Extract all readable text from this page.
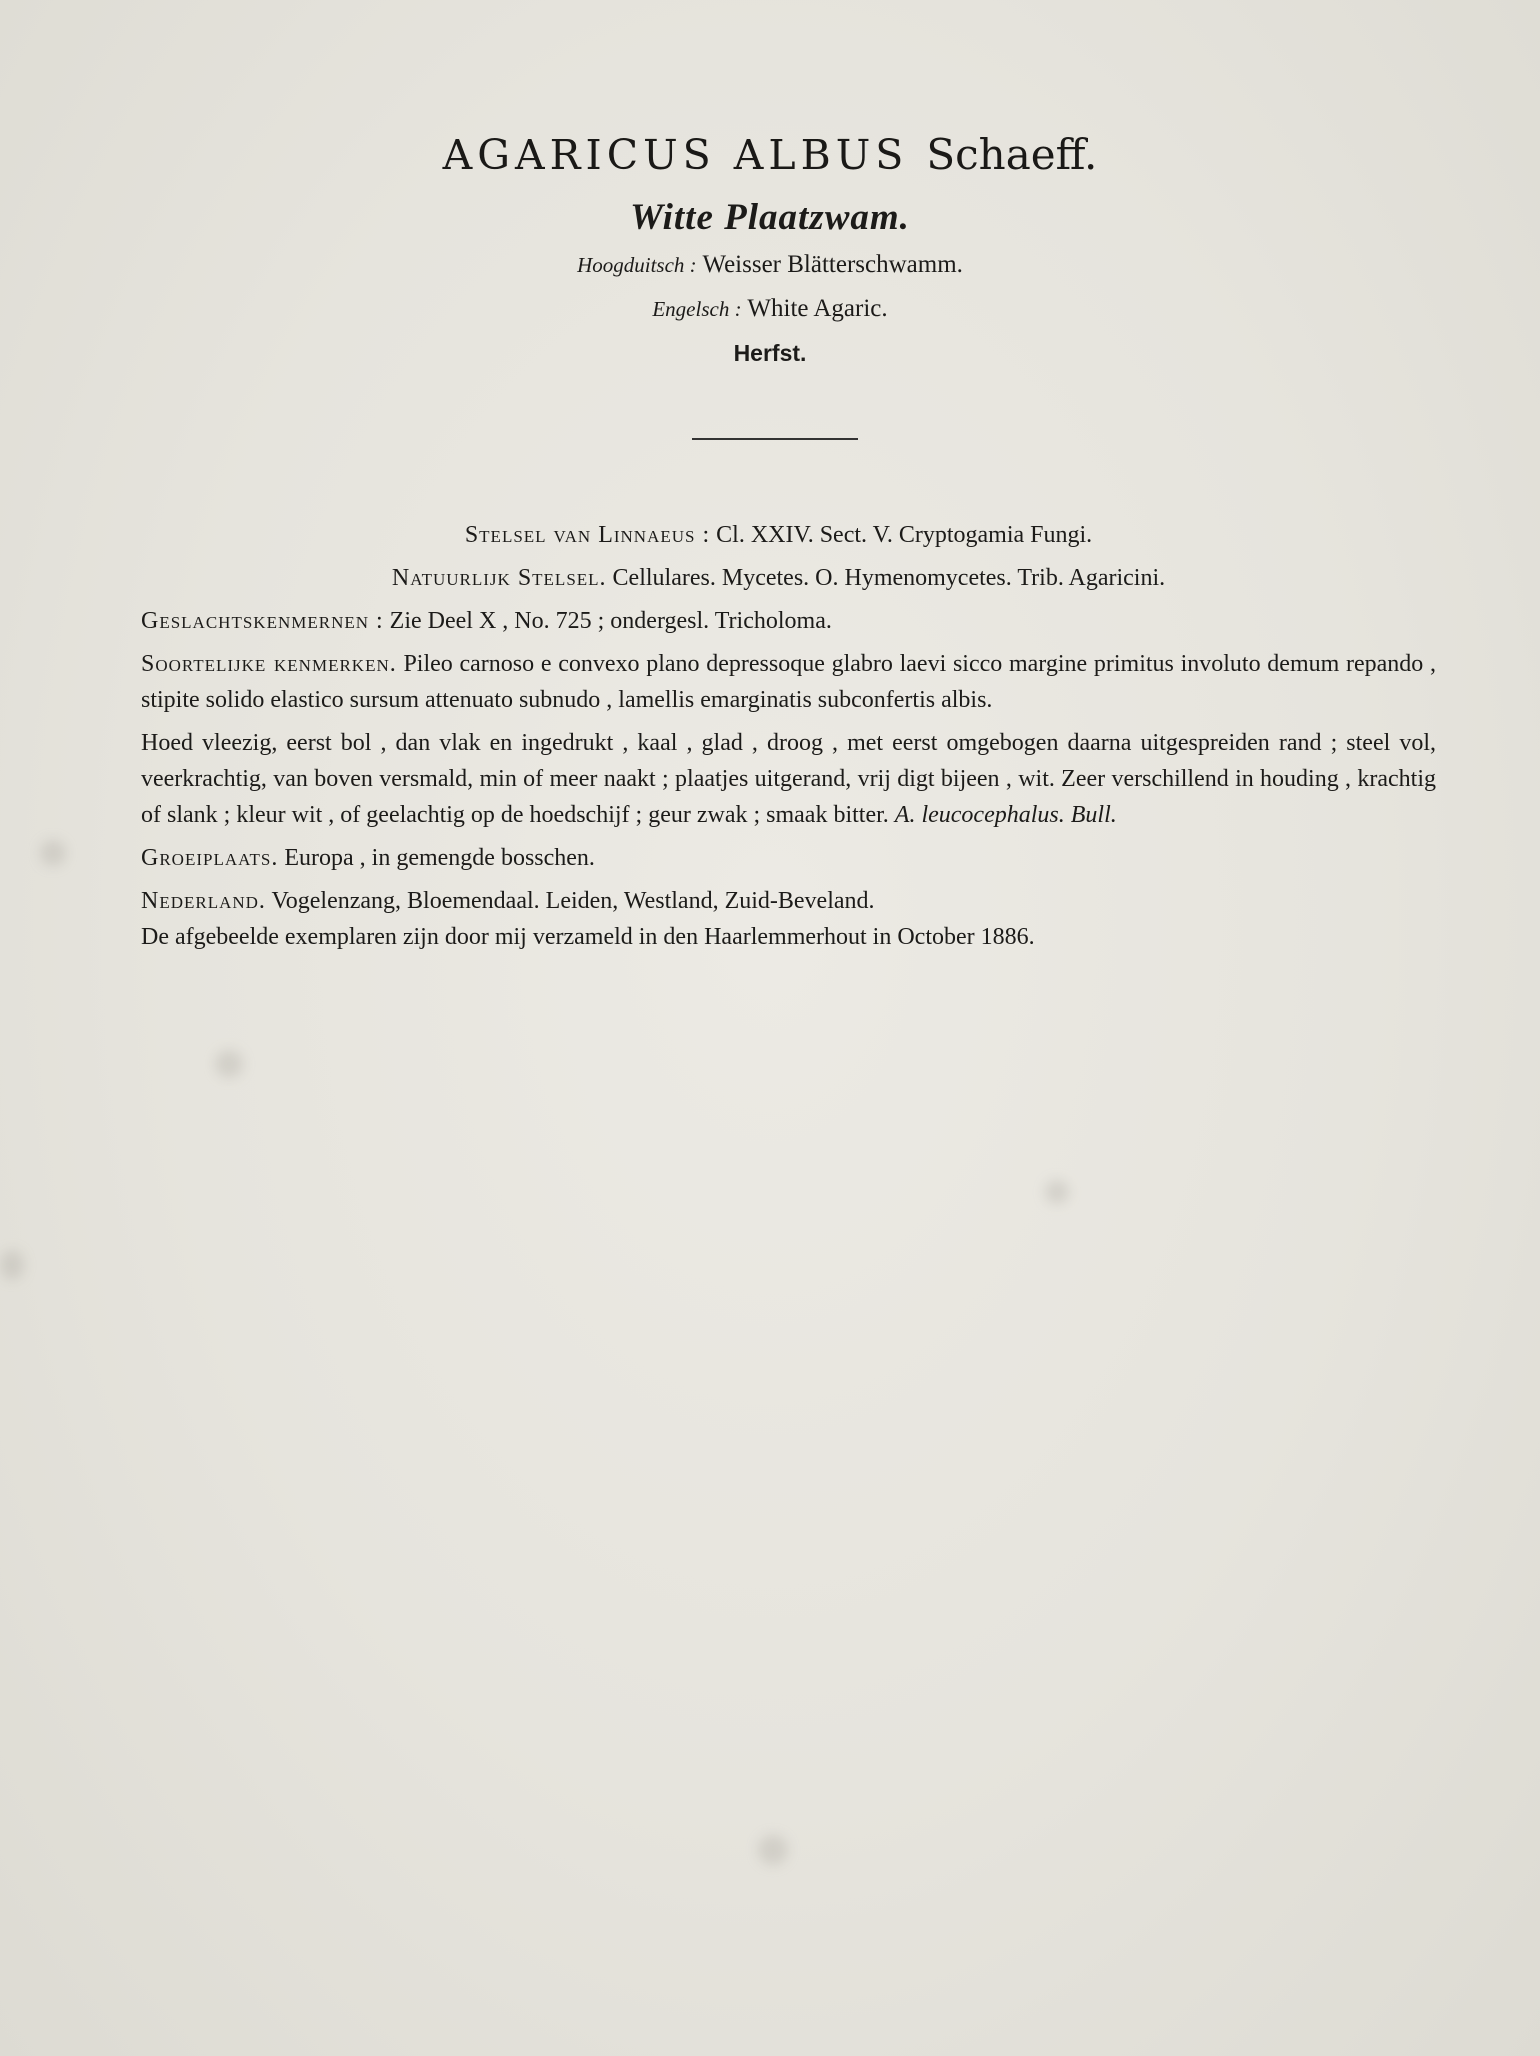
AGARICUS ALBUS Schaeff.
Witte Plaatzwam.
Hoogduitsch : Weisser Blätterschwamm.
Engelsch : White Agaric.
Herfst.

Stelsel van Linnaeus : Cl. XXIV. Sect. V. Cryptogamia Fungi.

Natuurlijk Stelsel. Cellulares. Mycetes. O. Hymenomycetes. Trib. Agaricini.

Geslachtskenmernen : Zie Deel X , No. 725 ; ondergesl. Tricholoma.

Soortelijke kenmerken. Pileo carnoso e convexo plano depressoque glabro laevi sicco margine primitus involuto demum repando , stipite solido elastico sursum attenuato subnudo , lamellis emarginatis subconfertis albis.

Hoed vleezig, eerst bol , dan vlak en ingedrukt , kaal , glad , droog , met eerst omgebogen daarna uitgespreiden rand ; steel vol, veerkrachtig, van boven versmald, min of meer naakt ; plaatjes uitgerand, vrij digt bijeen , wit. Zeer verschillend in houding , krachtig of slank ; kleur wit , of geelachtig op de hoedschijf ; geur zwak ; smaak bitter. A. leucocephalus. Bull.

Groeiplaats. Europa , in gemengde bosschen.

Nederland. Vogelenzang, Bloemendaal. Leiden, Westland, Zuid-Beveland.

De afgebeelde exemplaren zijn door mij verzameld in den Haarlemmerhout in October 1886.
